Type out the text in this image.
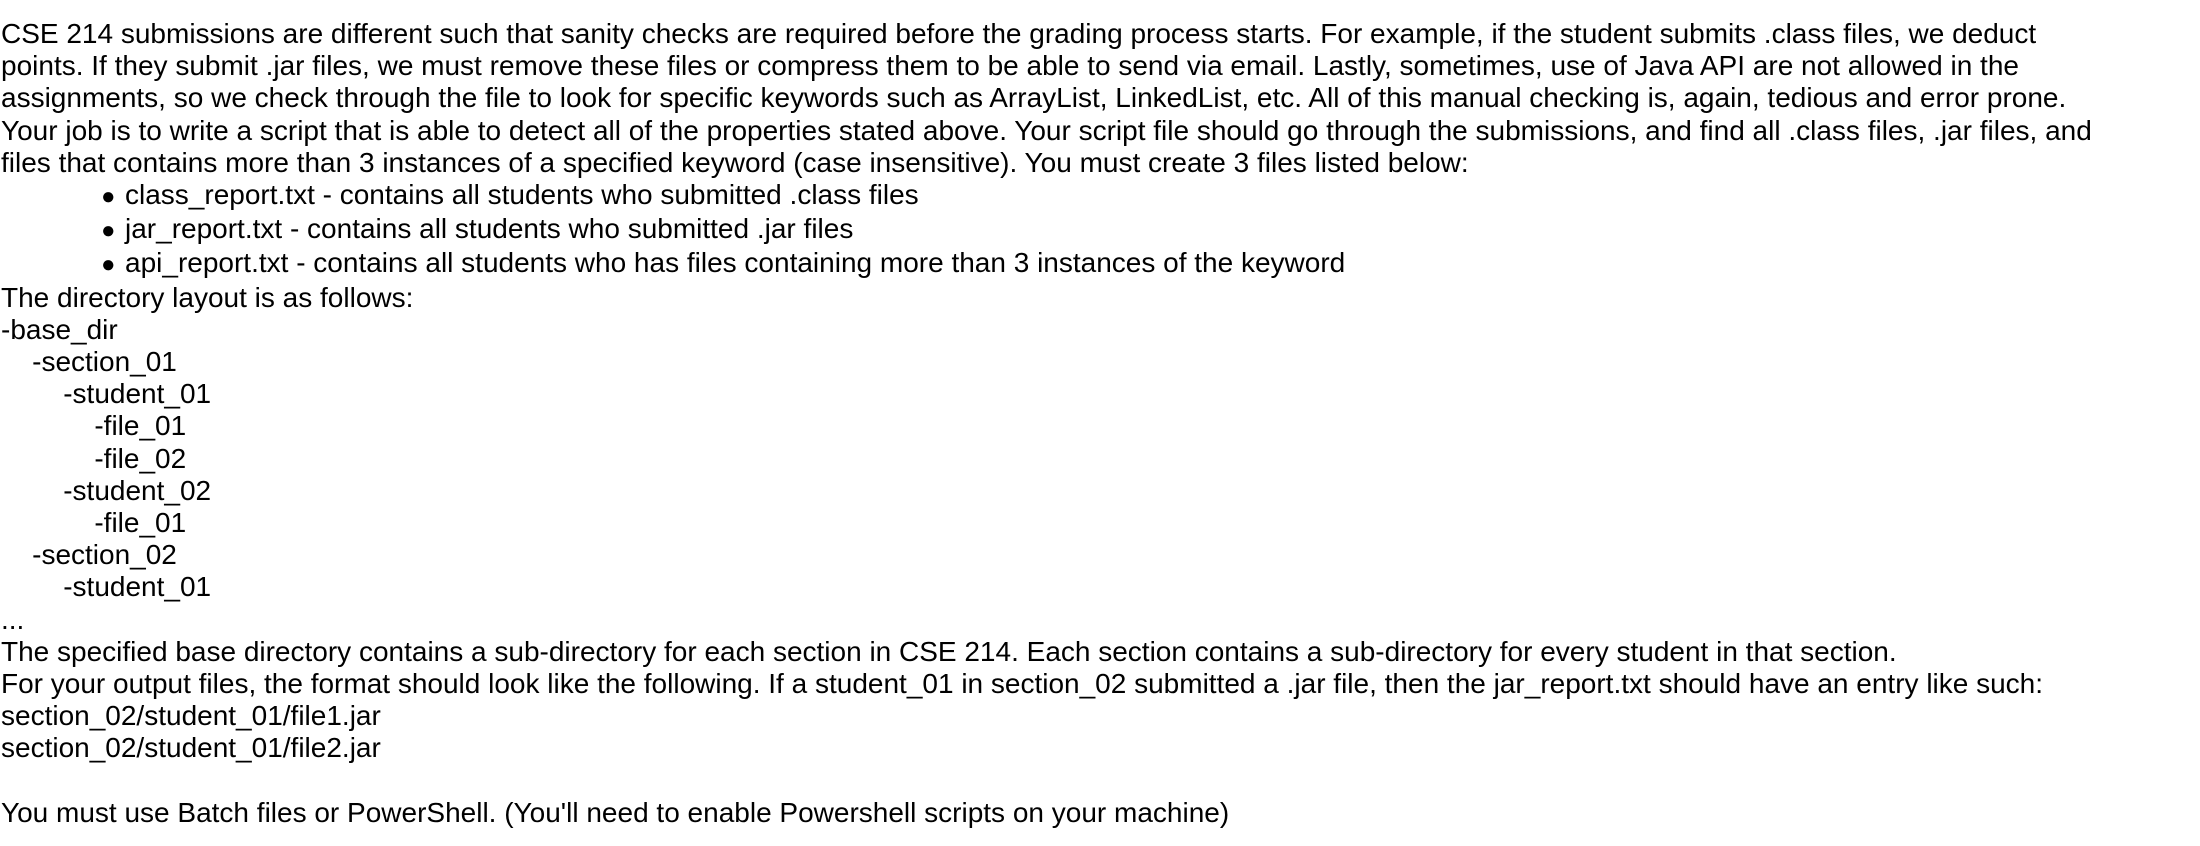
CSE 214 submissions are different such that sanity checks are required before the grading process starts. For example, if the student submits .class files, we deduct
points. If they submit .jar files, we must remove these files or compress them to be able to send via email. Lastly, sometimes, use of Java API are not allowed in the
assignments, so we check through the file to look for specific keywords such as ArrayList, LinkedList, etc. All of this manual checking is, again, tedious and error prone.
Your job is to write a script that is able to detect all of the properties stated above. Your script file should go through the submissions, and find all .class files, .jar files, and
files that contains more than 3 instances of a specified keyword (case insensitive). You must create 3 files listed below:
● class_report.txt - contains all students who submitted .class files
● jar_report.txt - contains all students who submitted .jar files
● api_report.txt - contains all students who has files containing more than 3 instances of the keyword
The directory layout is as follows:
-base_dir
-section_01
-student_01
-file_01
-file_02
-student_02
-file_01
-section_02
-student_01
...
The specified base directory contains a sub-directory for each section in CSE 214. Each section contains a sub-directory for every student in that section.
For your output files, the format should look like the following. If a student_01 in section_02 submitted a .jar file, then the jar_report.txt should have an entry like such:
section_02/student_01/file1.jar
section_02/student_01/file2.jar
You must use Batch files or PowerShell. (You'll need to enable Powershell scripts on your machine)
